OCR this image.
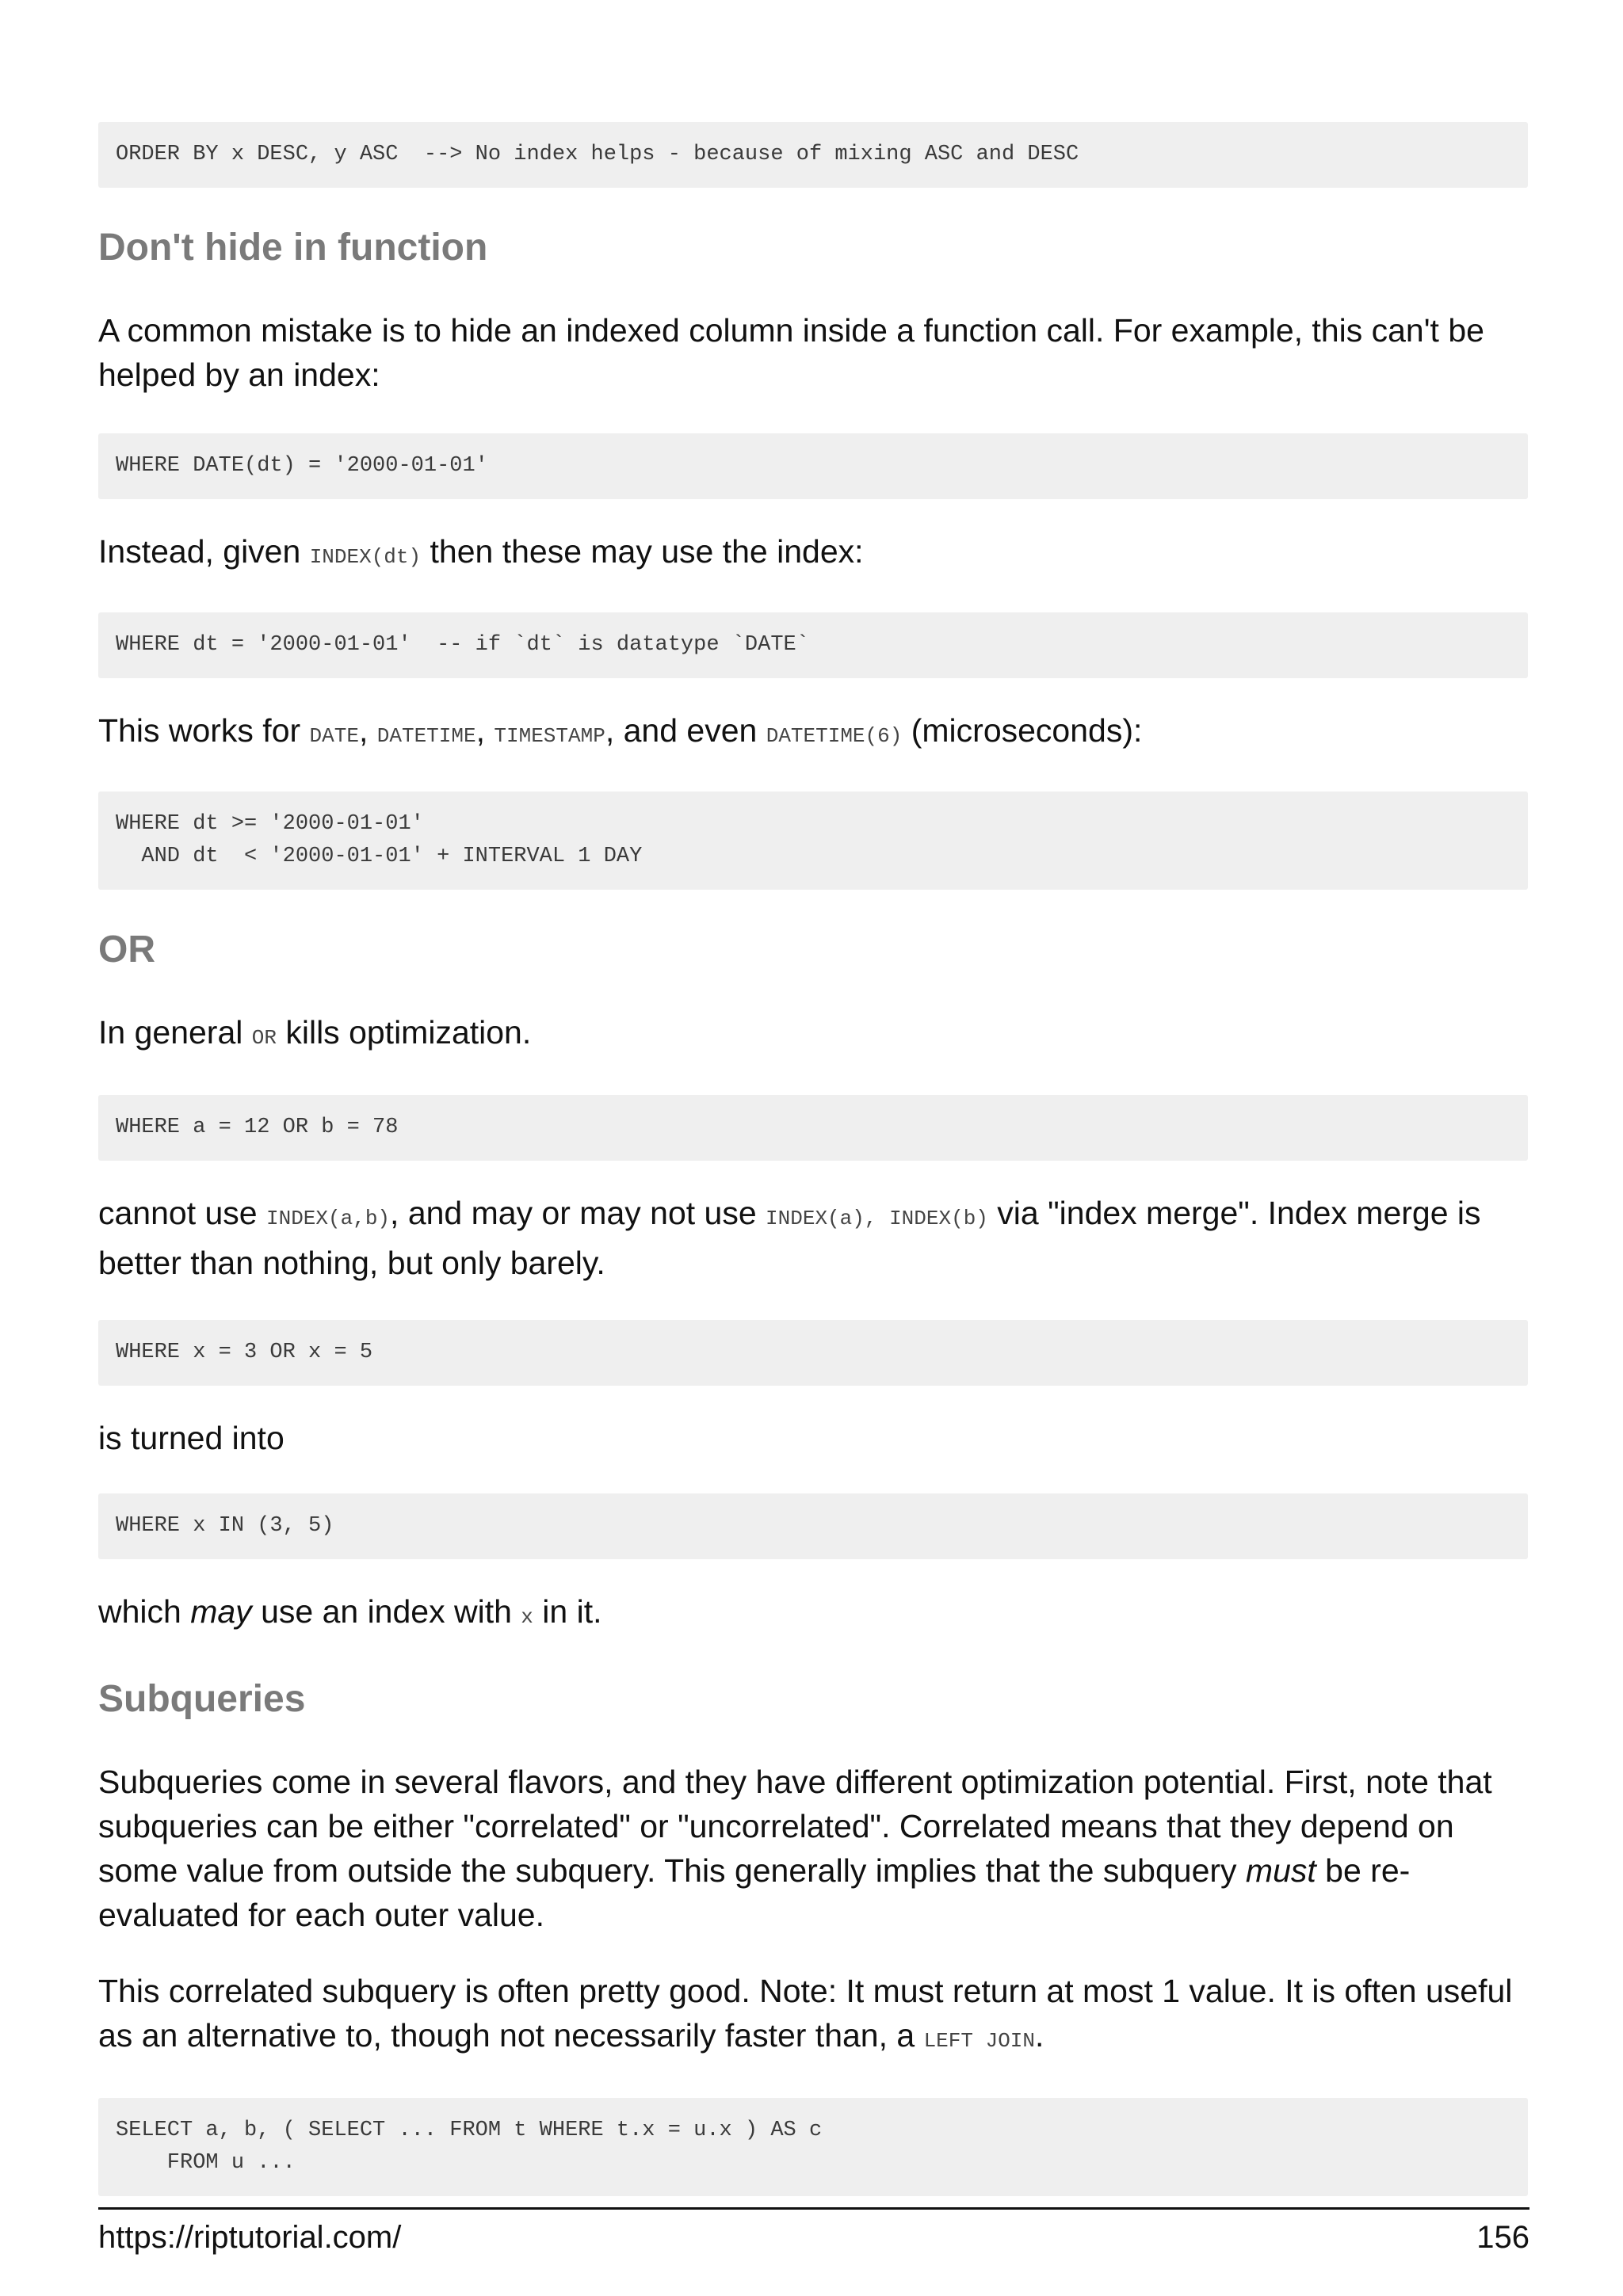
ORDER BY x DESC, y ASC  --> No index helps - because of mixing ASC and DESC
Don't hide in function

A common mistake is to hide an indexed column inside a function call. For example, this can't be helped by an index:

WHERE DATE(dt) = '2000-01-01'

Instead, given INDEX(dt) then these may use the index:

WHERE dt = '2000-01-01'  -- if `dt` is datatype `DATE`

This works for DATE, DATETIME, TIMESTAMP, and even DATETIME(6) (microseconds):

WHERE dt >= '2000-01-01'
AND dt  < '2000-01-01' + INTERVAL 1 DAY
OR

In general OR kills optimization.

WHERE a = 12 OR b = 78

cannot use INDEX(a,b), and may or may not use INDEX(a), INDEX(b) via "index merge". Index merge is better than nothing, but only barely.

WHERE x = 3 OR x = 5

is turned into

WHERE x IN (3, 5)

which may use an index with x in it.

Subqueries

Subqueries come in several flavors, and they have different optimization potential. First, note that subqueries can be either "correlated" or "uncorrelated". Correlated means that they depend on some value from outside the subquery. This generally implies that the subquery must be re-evaluated for each outer value.

This correlated subquery is often pretty good. Note: It must return at most 1 value. It is often useful as an alternative to, though not necessarily faster than, a LEFT JOIN.

SELECT a, b, ( SELECT ... FROM t WHERE t.x = u.x ) AS c
FROM u ...
https://riptutorial.com/	156
